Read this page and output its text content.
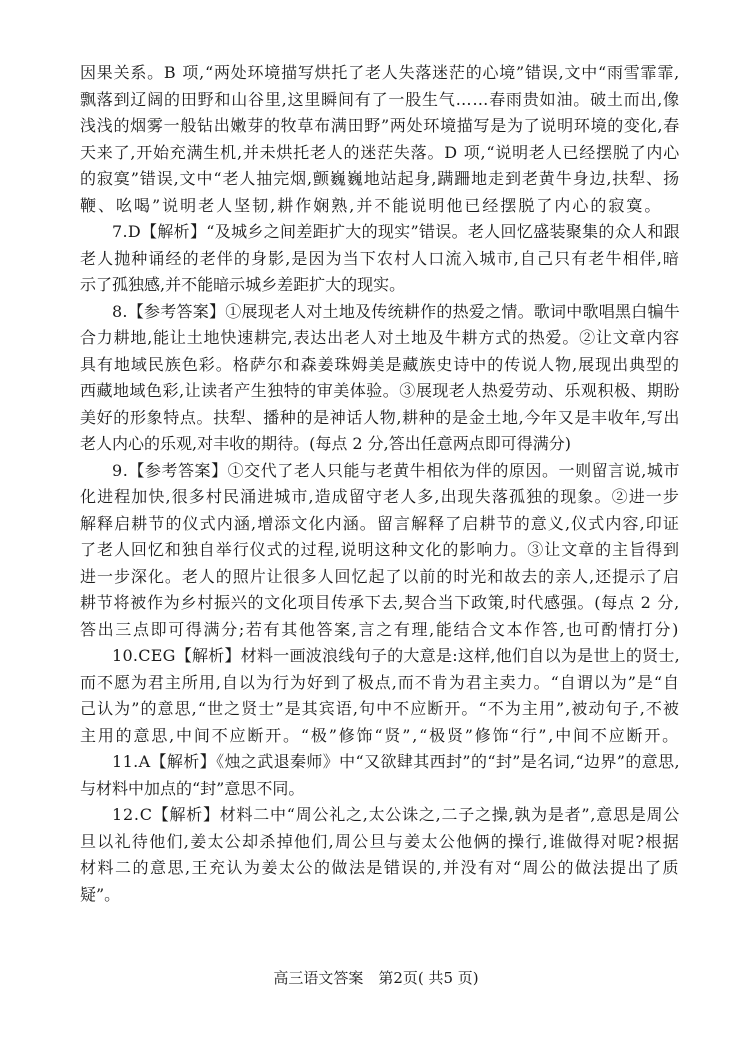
因果关系。B 项,“两处环境描写烘托了老人失落迷茫的心境”错误,文中“雨雪霏霏,
飘落到辽阔的田野和山谷里,这里瞬间有了一股生气……春雨贵如油。破土而出,像
浅浅的烟雾一般钻出嫩芽的牧草布满田野”两处环境描写是为了说明环境的变化,春
天来了,开始充满生机,并未烘托老人的迷茫失落。D 项,“说明老人已经摆脱了内心
的寂寞”错误,文中“老人抽完烟,颤巍巍地站起身,蹒跚地走到老黄牛身边,扶犁、扬
鞭、吆喝”说明老人坚韧,耕作娴熟,并不能说明他已经摆脱了内心的寂寞。
7.D【解析】“及城乡之间差距扩大的现实”错误。老人回忆盛装聚集的众人和跟
老人抛种诵经的老伴的身影,是因为当下农村人口流入城市,自己只有老牛相伴,暗
示了孤独感,并不能暗示城乡差距扩大的现实。
8.【参考答案】①展现老人对土地及传统耕作的热爱之情。歌词中歌唱黑白犏牛
合力耕地,能让土地快速耕完,表达出老人对土地及牛耕方式的热爱。②让文章内容
具有地域民族色彩。格萨尔和森姜珠姆美是藏族史诗中的传说人物,展现出典型的
西藏地域色彩,让读者产生独特的审美体验。③展现老人热爱劳动、乐观积极、期盼
美好的形象特点。扶犁、播种的是神话人物,耕种的是金土地,今年又是丰收年,写出
老人内心的乐观,对丰收的期待。(每点 2 分,答出任意两点即可得满分)
9.【参考答案】①交代了老人只能与老黄牛相依为伴的原因。一则留言说,城市
化进程加快,很多村民涌进城市,造成留守老人多,出现失落孤独的现象。②进一步
解释启耕节的仪式内涵,增添文化内涵。留言解释了启耕节的意义,仪式内容,印证
了老人回忆和独自举行仪式的过程,说明这种文化的影响力。③让文章的主旨得到
进一步深化。老人的照片让很多人回忆起了以前的时光和故去的亲人,还提示了启
耕节将被作为乡村振兴的文化项目传承下去,契合当下政策,时代感强。(每点 2 分,
答出三点即可得满分;若有其他答案,言之有理,能结合文本作答,也可酌情打分)
10.CEG【解析】材料一画波浪线句子的大意是:这样,他们自以为是世上的贤士,
而不愿为君主所用,自以为行为好到了极点,而不肯为君主卖力。“自谓以为”是“自
己认为”的意思,“世之贤士”是其宾语,句中不应断开。“不为主用”,被动句子,不被
主用的意思,中间不应断开。“极”修饰“贤”,“极贤”修饰“行”,中间不应断开。
11.A【解析】《烛之武退秦师》中“又欲肆其西封”的“封”是名词,“边界”的意思,
与材料中加点的“封”意思不同。
12.C【解析】材料二中“周公礼之,太公诛之,二子之操,孰为是者”,意思是周公
旦以礼待他们,姜太公却杀掉他们,周公旦与姜太公他俩的操行,谁做得对呢?根据
材料二的意思,王充认为姜太公的做法是错误的,并没有对“周公的做法提出了质
疑”。
高三语文答案　第2页( 共5 页)
